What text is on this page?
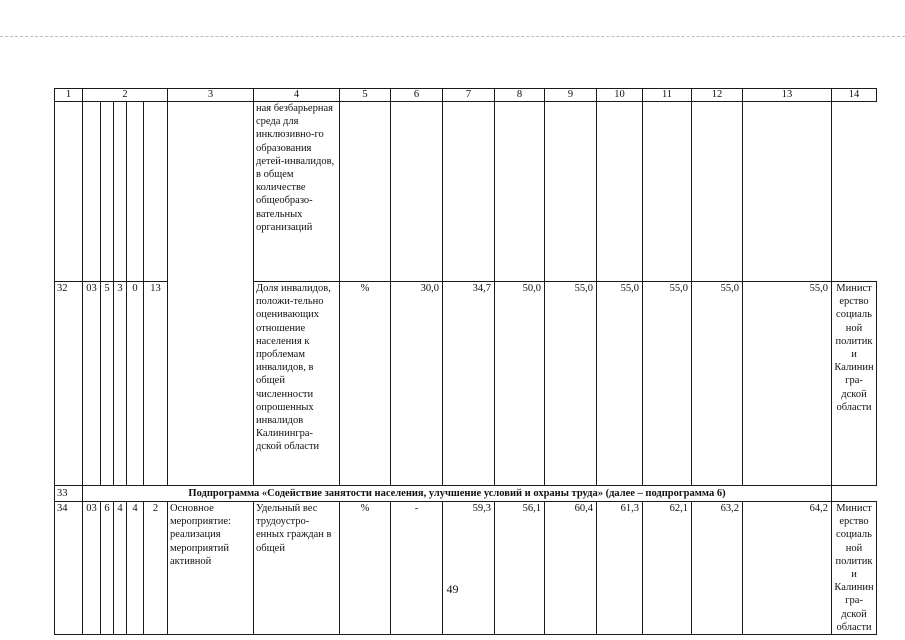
1	2					3	4	5	6	7	8	9	10	11	12	13	14
							ная безбарьерная среда для инклюзивно-го образования детей-инвалидов, в общем количестве общеобразо-вательных организаций										
32	03	5	3	0	13		Доля инвалидов, положи-тельно оценивающих отношение населения к проблемам инвалидов, в общей численности опрошенных инвалидов Калинингра-дской области	%	30,0	34,7	50,0	55,0	55,0	55,0	55,0	55,0	Министерство социальной политики Калинингра-дской области
33	Подпрограмма «Содействие занятости населения, улучшение условий и охраны труда» (далее – подпрограмма 6)																
34	03	6	4	4	2	Основное мероприятие: реализация мероприятий активной	Удельный вес трудоустро-енных граждан в общей	%	-	59,3	56,1	60,4	61,3	62,1	63,2	64,2	Министерство социальной политики Калинингра-дской области
49
